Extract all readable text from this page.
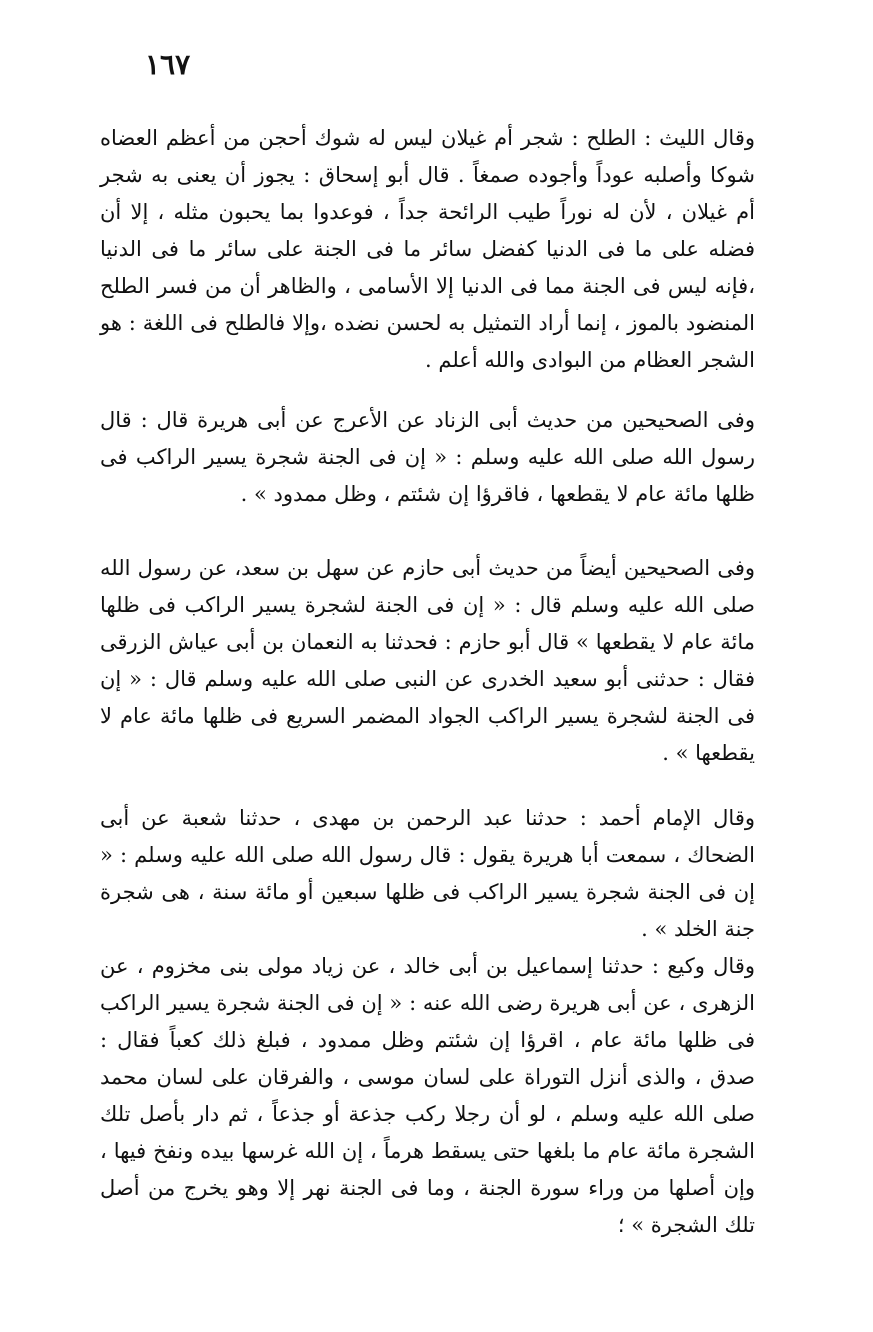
١٦٧

وقال الليث : الطلح : شجر أم غيلان ليس له شوك أحجن من أعظم العضاه شوكا وأصلبه عوداً وأجوده صمغاً . قال أبو إسحاق : يجوز أن يعنى به شجر أم غيلان ، لأن له نوراً طيب الرائحة جداً ، فوعدوا بما يحبون مثله ، إلا أن فضله على ما فى الدنيا كفضل سائر ما فى الجنة على سائر ما فى الدنيا ،فإنه ليس فى الجنة مما فى الدنيا إلا الأسامى ، والظاهر أن من فسر الطلح المنضود بالموز ، إنما أراد التمثيل به لحسن نضده ،وإلا فالطلح فى اللغة : هو الشجر العظام من البوادى والله أعلم .

وفى الصحيحين من حديث أبى الزناد عن الأعرج عن أبى هريرة قال : قال رسول الله صلى الله عليه وسلم : « إن فى الجنة شجرة يسير الراكب فى ظلها مائة عام لا يقطعها ، فاقرؤا إن شئتم ، وظل ممدود » .

وفى الصحيحين أيضاً من حديث أبى حازم عن سهل بن سعد، عن رسول الله صلى الله عليه وسلم قال : « إن فى الجنة لشجرة يسير الراكب فى ظلها مائة عام لا يقطعها » قال أبو حازم : فحدثنا به النعمان بن أبى عياش الزرقى فقال : حدثنى أبو سعيد الخدرى عن النبى صلى الله عليه وسلم قال : « إن فى الجنة لشجرة يسير الراكب الجواد المضمر السريع فى ظلها مائة عام لا يقطعها » .

وقال الإمام أحمد : حدثنا عبد الرحمن بن مهدى ، حدثنا شعبة عن أبى الضحاك ، سمعت أبا هريرة يقول : قال رسول الله صلى الله عليه وسلم : « إن فى الجنة شجرة يسير الراكب فى ظلها سبعين أو مائة سنة ، هى شجرة جنة الخلد » .

وقال وكيع : حدثنا إسماعيل بن أبى خالد ، عن زياد مولى بنى مخزوم ، عن الزهرى ، عن أبى هريرة رضى الله عنه : « إن فى الجنة شجرة يسير الراكب فى ظلها مائة عام ، اقرؤا إن شئتم وظل ممدود ، فبلغ ذلك كعباً فقال : صدق ، والذى أنزل التوراة على لسان موسى ، والفرقان على لسان محمد صلى الله عليه وسلم ، لو أن رجلا ركب جذعة أو جذعاً ، ثم دار بأصل تلك الشجرة مائة عام ما بلغها حتى يسقط هرماً ، إن الله غرسها بيده ونفخ فيها ، وإن أصلها من وراء سورة الجنة ، وما فى الجنة نهر إلا وهو يخرج من أصل تلك الشجرة » ؛
